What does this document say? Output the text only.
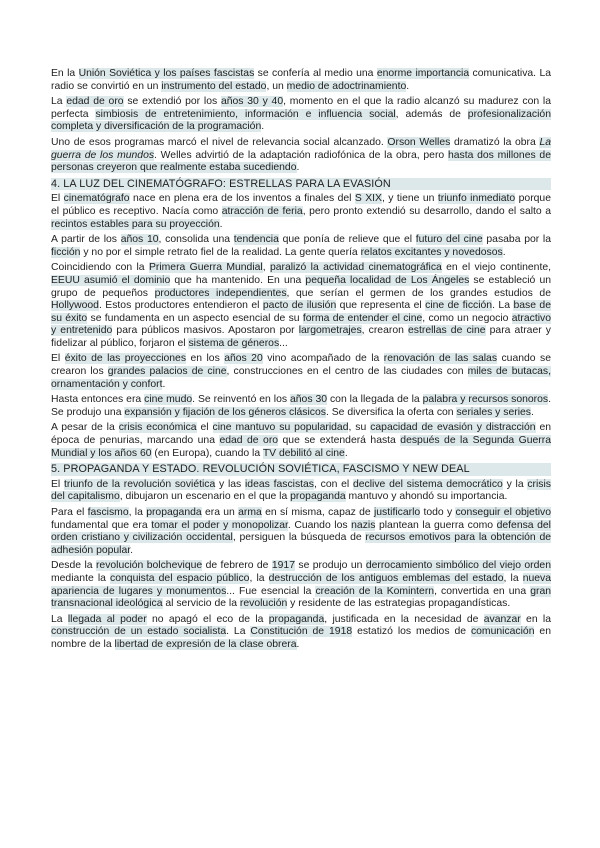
En la Unión Soviética y los países fascistas se confería al medio una enorme importancia comunicativa. La radio se convirtió en un instrumento del estado, un medio de adoctrinamiento.
La edad de oro se extendió por los años 30 y 40, momento en el que la radio alcanzó su madurez con la perfecta simbiosis de entretenimiento, información e influencia social, además de profesionalización completa y diversificación de la programación.
Uno de esos programas marcó el nivel de relevancia social alcanzado. Orson Welles dramatizó la obra La guerra de los mundos. Welles advirtió de la adaptación radiofónica de la obra, pero hasta dos millones de personas creyeron que realmente estaba sucediendo.
4. LA LUZ DEL CINEMATÓGRAFO: ESTRELLAS PARA LA EVASIÓN
El cinematógrafo nace en plena era de los inventos a finales del S XIX, y tiene un triunfo inmediato porque el público es receptivo. Nacía como atracción de feria, pero pronto extendió su desarrollo, dando el salto a recintos estables para su proyección.
A partir de los años 10, consolida una tendencia que ponía de relieve que el futuro del cine pasaba por la ficción y no por el simple retrato fiel de la realidad. La gente quería relatos excitantes y novedosos.
Coincidiendo con la Primera Guerra Mundial, paralizó la actividad cinematográfica en el viejo continente, EEUU asumió el dominio que ha mantenido. En una pequeña localidad de Los Ángeles se estableció un grupo de pequeños productores independientes, que serían el germen de los grandes estudios de Hollywood. Estos productores entendieron el pacto de ilusión que representa el cine de ficción. La base de su éxito se fundamenta en un aspecto esencial de su forma de entender el cine, como un negocio atractivo y entretenido para públicos masivos. Apostaron por largometrajes, crearon estrellas de cine para atraer y fidelizar al público, forjaron el sistema de géneros...
El éxito de las proyecciones en los años 20 vino acompañado de la renovación de las salas cuando se crearon los grandes palacios de cine, construcciones en el centro de las ciudades con miles de butacas, ornamentación y confort.
Hasta entonces era cine mudo. Se reinventó en los años 30 con la llegada de la palabra y recursos sonoros. Se produjo una expansión y fijación de los géneros clásicos. Se diversifica la oferta con seriales y series.
A pesar de la crisis económica el cine mantuvo su popularidad, su capacidad de evasión y distracción en época de penurias, marcando una edad de oro que se extenderá hasta después de la Segunda Guerra Mundial y los años 60 (en Europa), cuando la TV debilitó al cine.
5. PROPAGANDA Y ESTADO. REVOLUCIÓN SOVIÉTICA, FASCISMO Y NEW DEAL
El triunfo de la revolución soviética y las ideas fascistas, con el declive del sistema democrático y la crisis del capitalismo, dibujaron un escenario en el que la propaganda mantuvo y ahondó su importancia.
Para el fascismo, la propaganda era un arma en sí misma, capaz de justificarlo todo y conseguir el objetivo fundamental que era tomar el poder y monopolizar. Cuando los nazis plantean la guerra como defensa del orden cristiano y civilización occidental, persiguen la búsqueda de recursos emotivos para la obtención de adhesión popular.
Desde la revolución bolchevique de febrero de 1917 se produjo un derrocamiento simbólico del viejo orden mediante la conquista del espacio público, la destrucción de los antiguos emblemas del estado, la nueva apariencia de lugares y monumentos... Fue esencial la creación de la Komintern, convertida en una gran transnacional ideológica al servicio de la revolución y residente de las estrategias propagandísticas.
La llegada al poder no apagó el eco de la propaganda, justificada en la necesidad de avanzar en la construcción de un estado socialista. La Constitución de 1918 estatizó los medios de comunicación en nombre de la libertad de expresión de la clase obrera.
